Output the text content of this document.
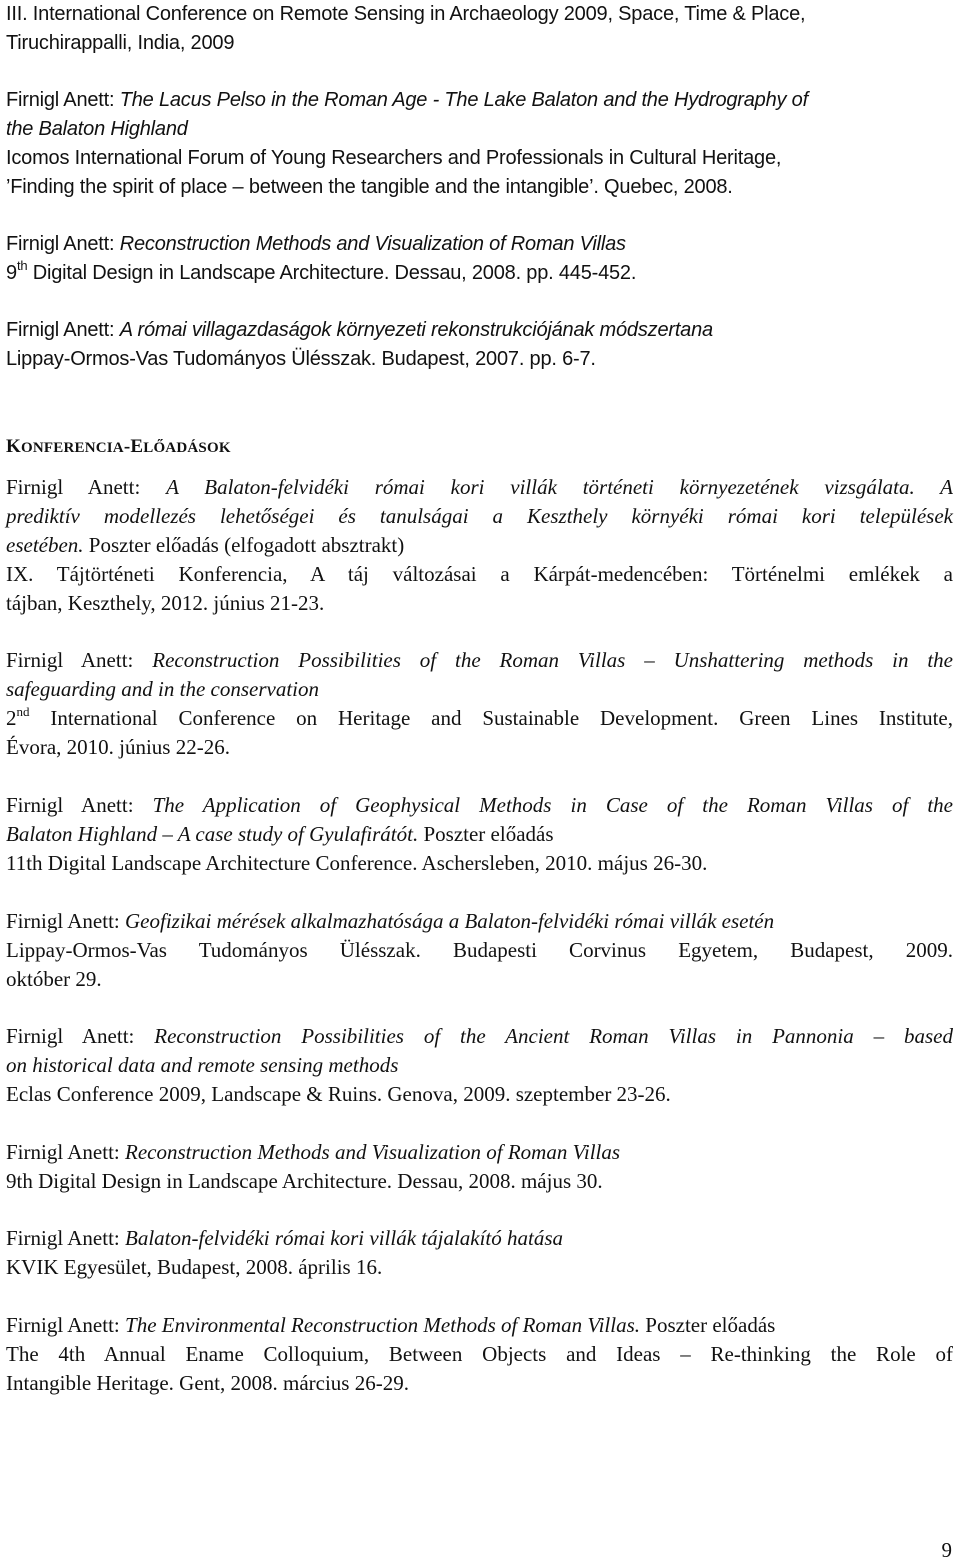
III. International Conference on Remote Sensing in Archaeology 2009, Space, Time & Place,
Tiruchirappalli, India, 2009
Firnigl Anett: The Lacus Pelso in the Roman Age - The Lake Balaton and the Hydrography of
the Balaton Highland
Icomos International Forum of Young Researchers and Professionals in Cultural Heritage,
’Finding the spirit of place – between the tangible and the intangible’. Quebec, 2008.
Firnigl Anett: Reconstruction Methods and Visualization of Roman Villas
9th Digital Design in Landscape Architecture. Dessau, 2008. pp. 445-452.
Firnigl Anett: A római villagazdaságok környezeti rekonstrukciójának módszertana
Lippay-Ormos-Vas Tudományos Ülésszak. Budapest, 2007. pp. 6-7.
KONFERENCIA-ELŐADÁSOK
Firnigl Anett: A Balaton-felvidéki római kori villák történeti környezetének vizsgálata. A
prediktív modellezés lehetőségei és tanulságai a Keszthely környéki római kori települések
esetében. Poszter előadás (elfogadott absztrakt)
IX. Tájtörténeti Konferencia, A táj változásai a Kárpát-medencében: Történelmi emlékek a
tájban, Keszthely, 2012. június 21-23.
Firnigl Anett: Reconstruction Possibilities of the Roman Villas – Unshattering methods in the
safeguarding and in the conservation
2nd International Conference on Heritage and Sustainable Development. Green Lines Institute,
Évora, 2010. június 22-26.
Firnigl Anett: The Application of Geophysical Methods in Case of the Roman Villas of the
Balaton Highland – A case study of Gyulafirátót. Poszter előadás
11th Digital Landscape Architecture Conference. Aschersleben, 2010. május 26-30.
Firnigl Anett: Geofizikai mérések alkalmazhatósága a Balaton-felvidéki római villák esetén
Lippay-Ormos-Vas Tudományos Ülésszak. Budapesti Corvinus Egyetem, Budapest, 2009.
október 29.
Firnigl Anett: Reconstruction Possibilities of the Ancient Roman Villas in Pannonia – based
on historical data and remote sensing methods
Eclas Conference 2009, Landscape & Ruins. Genova, 2009. szeptember 23-26.
Firnigl Anett: Reconstruction Methods and Visualization of Roman Villas
9th Digital Design in Landscape Architecture. Dessau, 2008. május 30.
Firnigl Anett: Balaton-felvidéki római kori villák tájalakító hatása
KVIK Egyesület, Budapest, 2008. április 16.
Firnigl Anett: The Environmental Reconstruction Methods of Roman Villas. Poszter előadás
The 4th Annual Ename Colloquium, Between Objects and Ideas – Re-thinking the Role of
Intangible Heritage. Gent, 2008. március 26-29.
9
